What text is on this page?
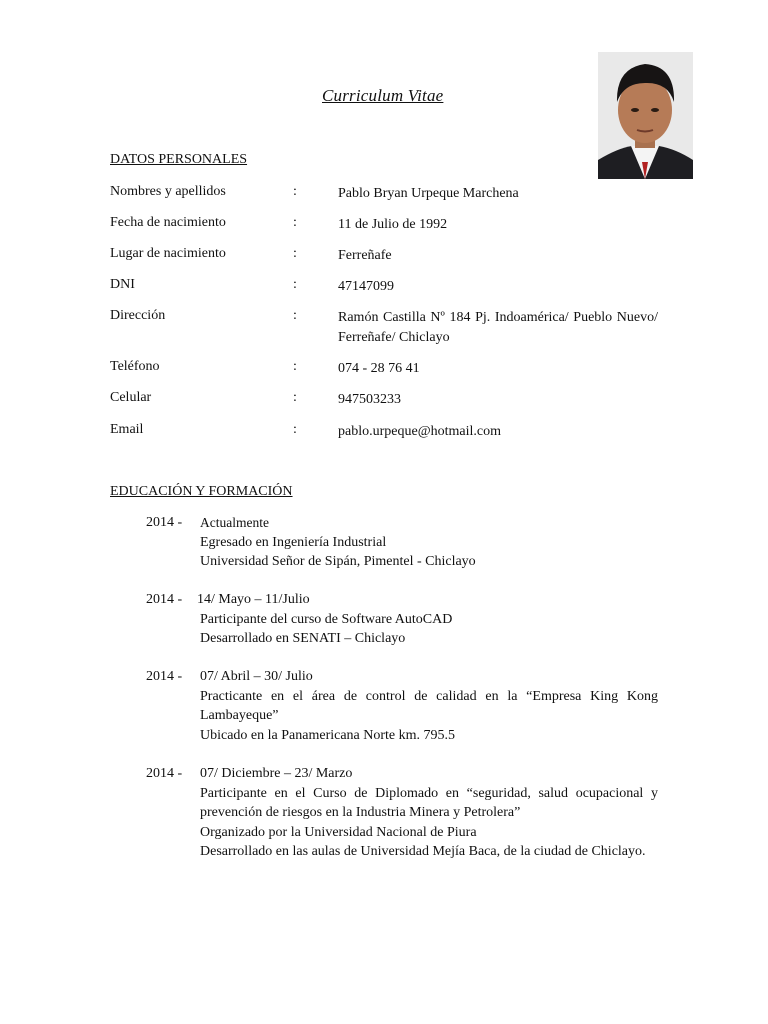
Curriculum Vitae
DATOS PERSONALES
Nombres y apellidos	:	Pablo Bryan Urpeque Marchena
Fecha de nacimiento	:	11 de Julio de 1992
Lugar de nacimiento	:	Ferreñafe
DNI	:	47147099
Dirección	:	Ramón Castilla Nº 184 Pj. Indoamérica/ Pueblo Nuevo/ Ferreñafe/ Chiclayo
Teléfono	:	074 - 28 76 41
Celular	:	947503233
Email	:	pablo.urpeque@hotmail.com
EDUCACIÓN Y FORMACIÓN
2014 - Actualmente
Egresado en Ingeniería Industrial
Universidad Señor de Sipán, Pimentel - Chiclayo
2014 - 14/ Mayo – 11/Julio
Participante del curso de Software AutoCAD
Desarrollado en SENATI – Chiclayo
2014 - 07/ Abril – 30/ Julio
Practicante en el área de control de calidad en la “Empresa King Kong Lambayeque”
Ubicado en la Panamericana Norte km. 795.5
2014 - 07/ Diciembre – 23/ Marzo
Participante en el Curso de Diplomado en “seguridad, salud ocupacional y prevención de riesgos en la Industria Minera y Petrolera”
Organizado por la Universidad Nacional de Piura
Desarrollado en las aulas de Universidad Mejía Baca, de la ciudad de Chiclayo.
